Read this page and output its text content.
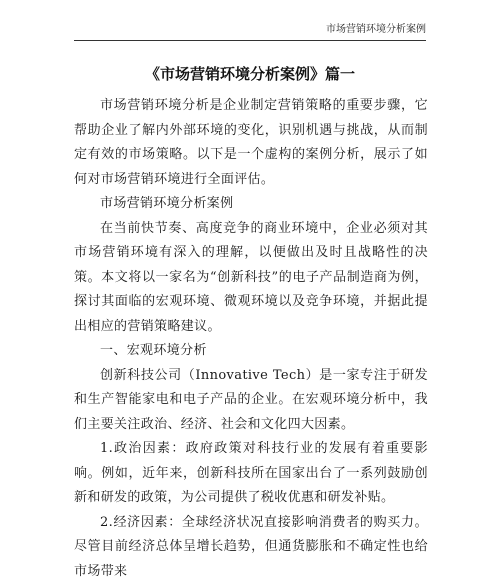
市场营销环境分析案例
《市场营销环境分析案例》篇一

市场营销环境分析是企业制定营销策略的重要步骤，它帮助企业了解内外部环境的变化，识别机遇与挑战，从而制定有效的市场策略。以下是一个虚构的案例分析，展示了如何对市场营销环境进行全面评估。

市场营销环境分析案例

在当前快节奏、高度竞争的商业环境中，企业必须对其市场营销环境有深入的理解，以便做出及时且战略性的决策。本文将以一家名为“创新科技”的电子产品制造商为例，探讨其面临的宏观环境、微观环境以及竞争环境，并据此提出相应的营销策略建议。

一、宏观环境分析

创新科技公司（Innovative Tech）是一家专注于研发和生产智能家电和电子产品的企业。在宏观环境分析中，我们主要关注政治、经济、社会和文化四大因素。

1.政治因素：政府政策对科技行业的发展有着重要影响。例如，近年来，创新科技所在国家出台了一系列鼓励创新和研发的政策，为公司提供了税收优惠和研发补贴。

2.经济因素：全球经济状况直接影响消费者的购买力。尽管目前经济总体呈增长趋势，但通货膨胀和不确定性也给市场带来
